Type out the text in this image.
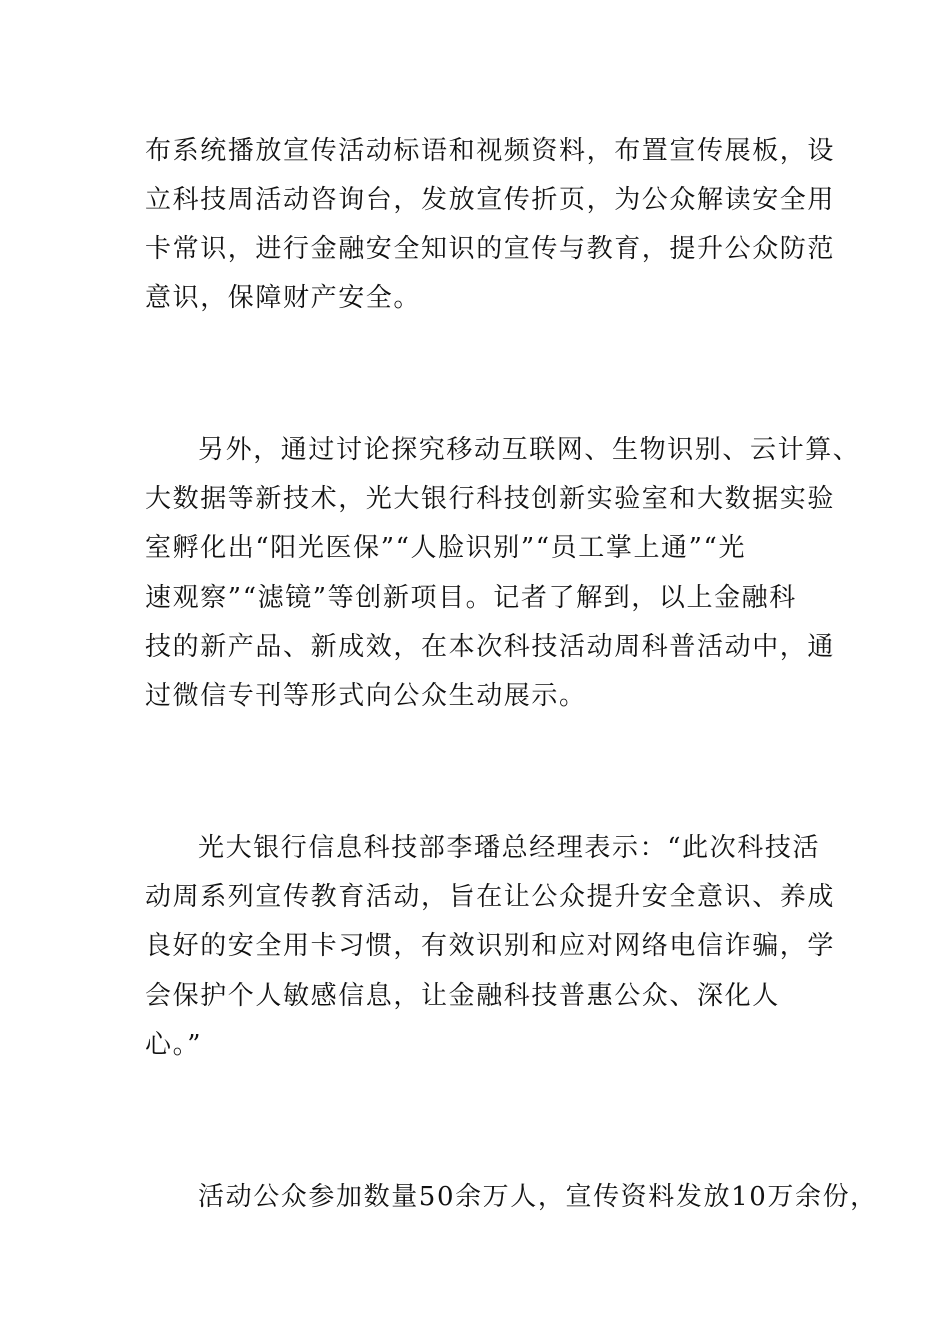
布系统播放宣传活动标语和视频资料，布置宣传展板，设
立科技周活动咨询台，发放宣传折页，为公众解读安全用
卡常识，进行金融安全知识的宣传与教育，提升公众防范
意识，保障财产安全。
另外，通过讨论探究移动互联网、生物识别、云计算、
大数据等新技术，光大银行科技创新实验室和大数据实验
室孵化出“阳光医保”“人脸识别”“员工掌上通”“光
速观察”“滤镜”等创新项目。记者了解到，以上金融科
技的新产品、新成效，在本次科技活动周科普活动中，通
过微信专刊等形式向公众生动展示。
光大银行信息科技部李璠总经理表示：“此次科技活
动周系列宣传教育活动，旨在让公众提升安全意识、养成
良好的安全用卡习惯，有效识别和应对网络电信诈骗，学
会保护个人敏感信息，让金融科技普惠公众、深化人
心。”
活动公众参加数量50余万人，宣传资料发放10万余份，
